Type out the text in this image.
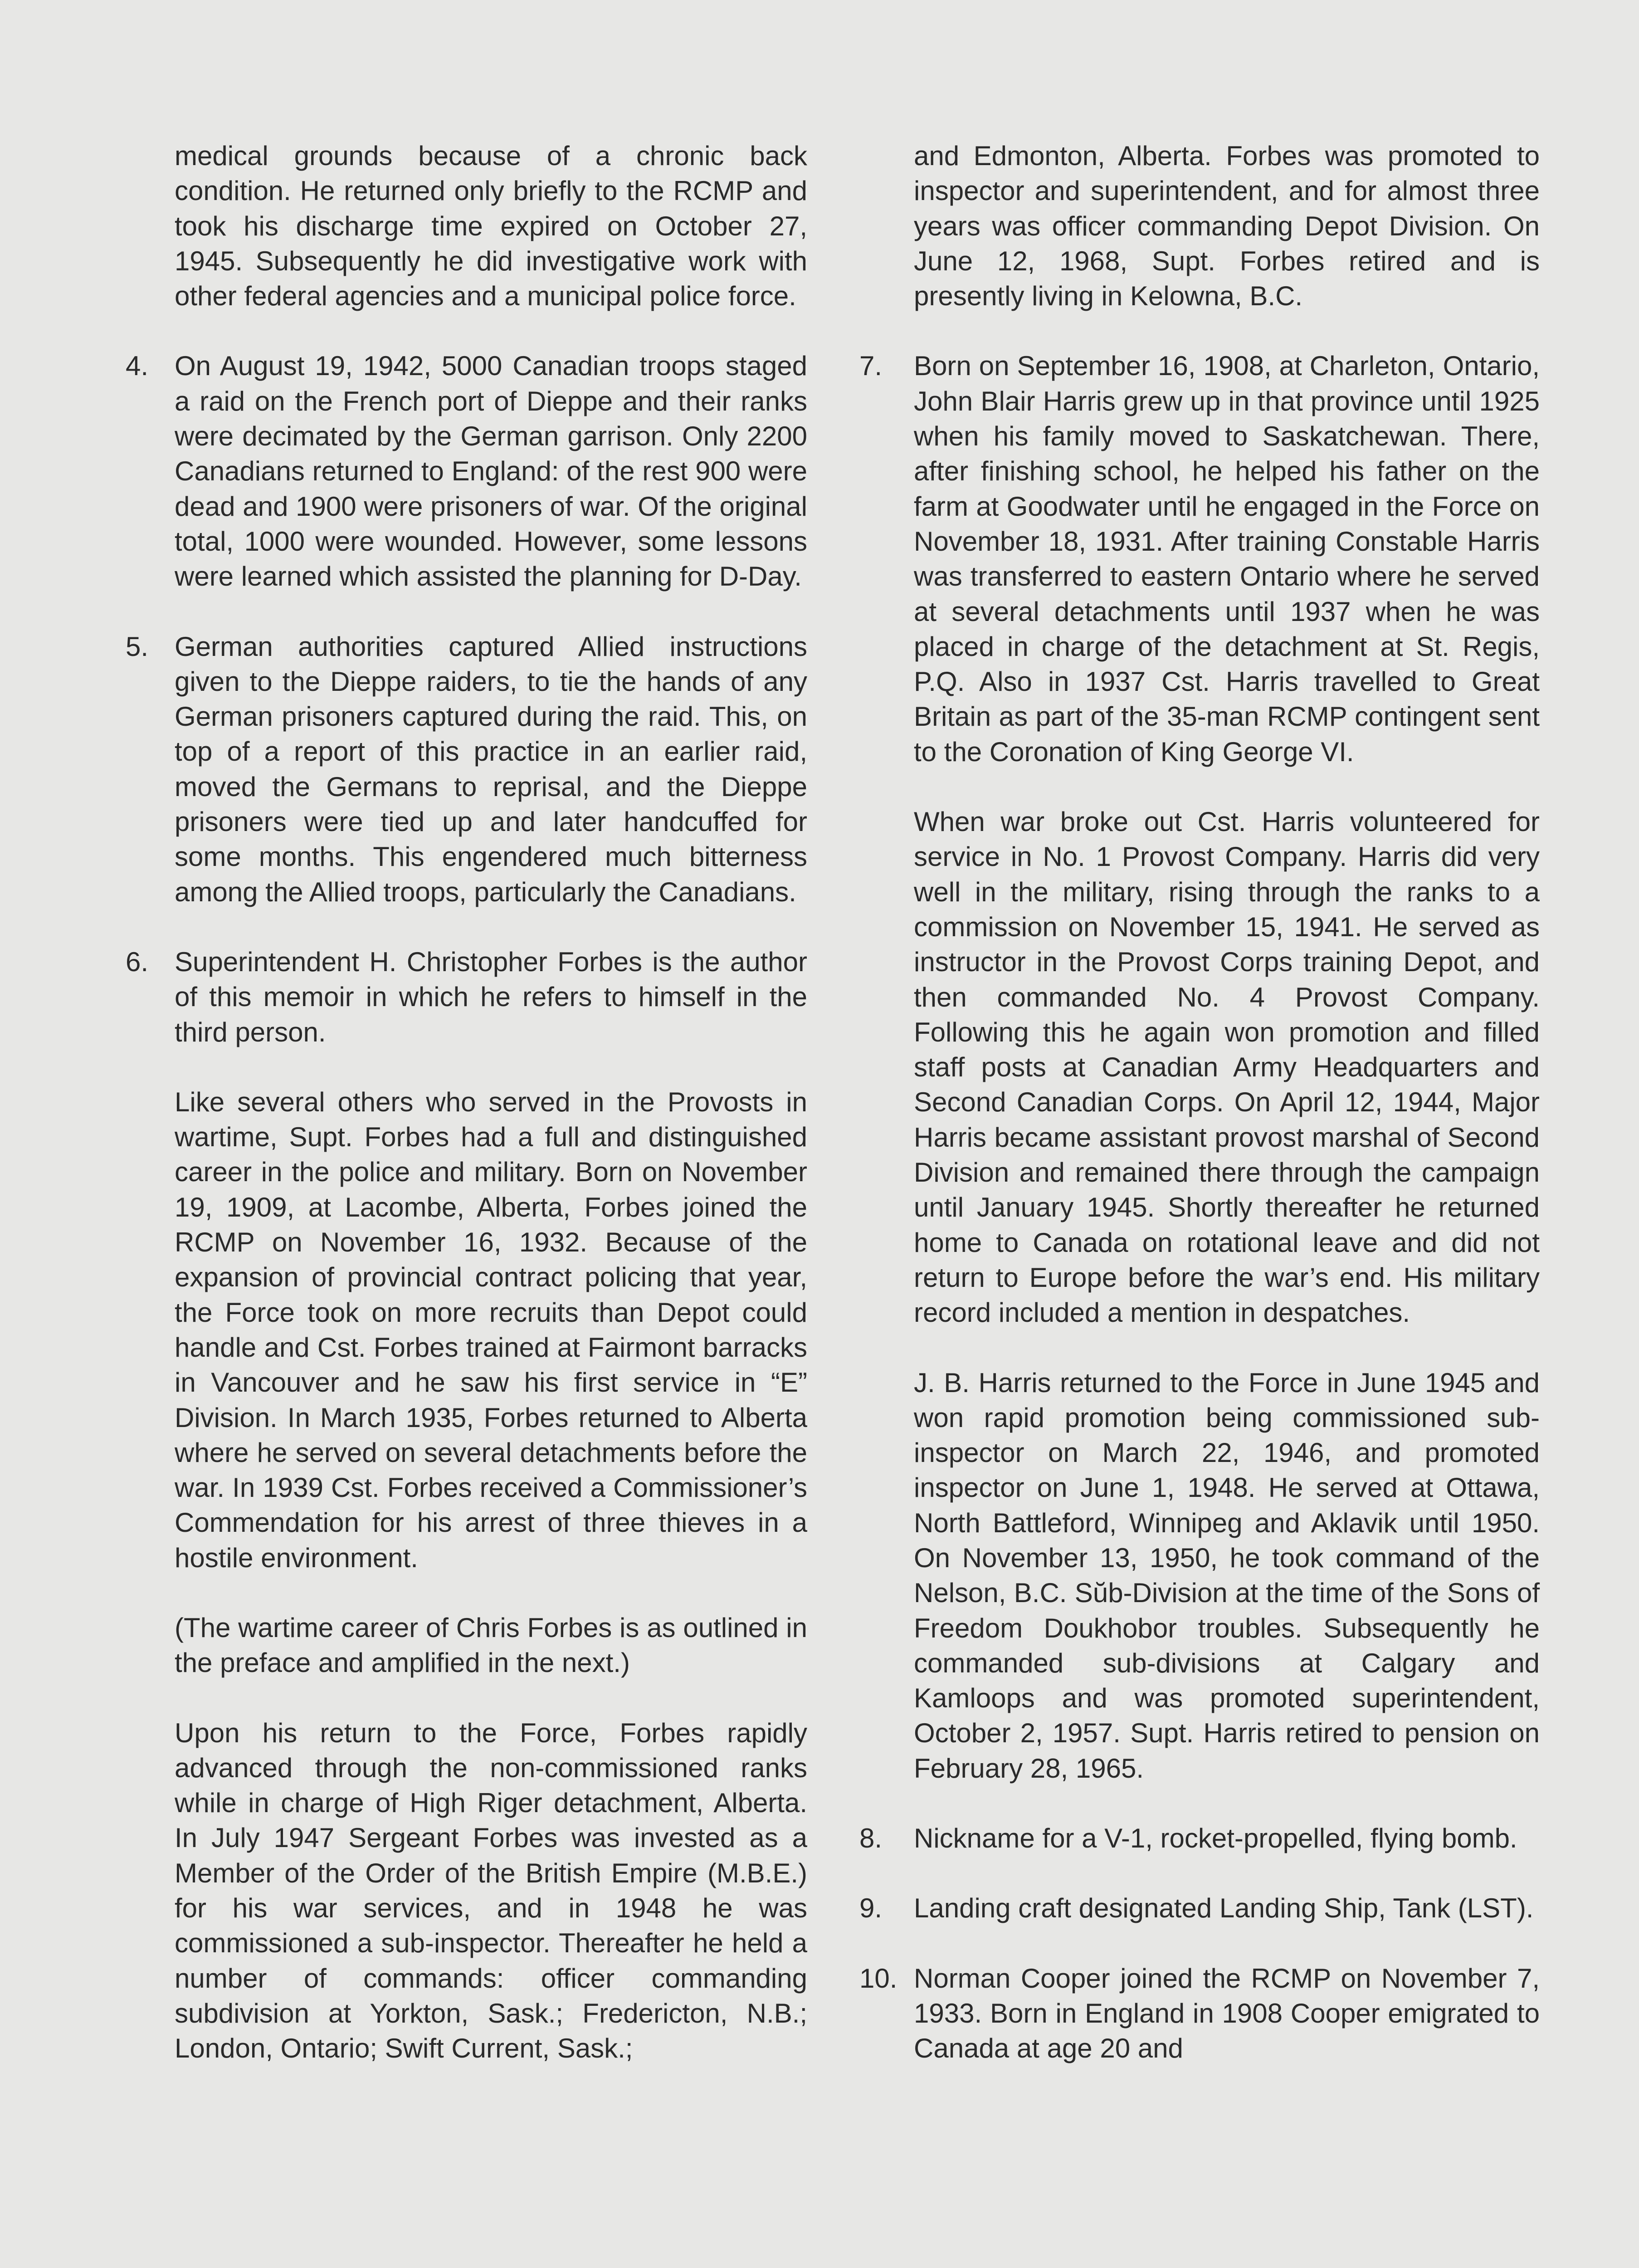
medical grounds because of a chronic back condition. He returned only briefly to the RCMP and took his discharge time expired on October 27, 1945. Subsequently he did investigative work with other federal agencies and a municipal police force.

4. On August 19, 1942, 5000 Canadian troops staged a raid on the French port of Dieppe and their ranks were decimated by the German garrison. Only 2200 Canadians returned to England: of the rest 900 were dead and 1900 were prisoners of war. Of the original total, 1000 were wounded. However, some lessons were learned which assisted the planning for D-Day.

5. German authorities captured Allied instructions given to the Dieppe raiders, to tie the hands of any German prisoners captured during the raid. This, on top of a report of this practice in an earlier raid, moved the Germans to reprisal, and the Dieppe prisoners were tied up and later handcuffed for some months. This engendered much bitterness among the Allied troops, particularly the Canadians.

6. Superintendent H. Christopher Forbes is the author of this memoir in which he refers to himself in the third person.

Like several others who served in the Provosts in wartime, Supt. Forbes had a full and distinguished career in the police and military. Born on November 19, 1909, at Lacombe, Alberta, Forbes joined the RCMP on November 16, 1932. Because of the expansion of provincial contract policing that year, the Force took on more recruits than Depot could handle and Cst. Forbes trained at Fairmont barracks in Vancouver and he saw his first service in “E” Division. In March 1935, Forbes returned to Alberta where he served on several detachments before the war. In 1939 Cst. Forbes received a Commissioner’s Commendation for his arrest of three thieves in a hostile environment.

(The wartime career of Chris Forbes is as outlined in the preface and amplified in the next.)

Upon his return to the Force, Forbes rapidly advanced through the non-commissioned ranks while in charge of High Riger detachment, Alberta. In July 1947 Sergeant Forbes was invested as a Member of the Order of the British Empire (M.B.E.) for his war services, and in 1948 he was commissioned a sub-inspector. Thereafter he held a number of commands: officer commanding subdivision at Yorkton, Sask.; Fredericton, N.B.; London, Ontario; Swift Current, Sask.;

and Edmonton, Alberta. Forbes was promoted to inspector and superintendent, and for almost three years was officer commanding Depot Division. On June 12, 1968, Supt. Forbes retired and is presently living in Kelowna, B.C.

7. Born on September 16, 1908, at Charleton, Ontario, John Blair Harris grew up in that province until 1925 when his family moved to Saskatchewan. There, after finishing school, he helped his father on the farm at Goodwater until he engaged in the Force on November 18, 1931. After training Constable Harris was transferred to eastern Ontario where he served at several detachments until 1937 when he was placed in charge of the detachment at St. Regis, P.Q. Also in 1937 Cst. Harris travelled to Great Britain as part of the 35-man RCMP contingent sent to the Coronation of King George VI.

When war broke out Cst. Harris volunteered for service in No. 1 Provost Company. Harris did very well in the military, rising through the ranks to a commission on November 15, 1941. He served as instructor in the Provost Corps training Depot, and then commanded No. 4 Provost Company. Following this he again won promotion and filled staff posts at Canadian Army Headquarters and Second Canadian Corps. On April 12, 1944, Major Harris became assistant provost marshal of Second Division and remained there through the campaign until January 1945. Shortly thereafter he returned home to Canada on rotational leave and did not return to Europe before the war’s end. His military record included a mention in despatches.

J. B. Harris returned to the Force in June 1945 and won rapid promotion being commissioned sub-inspector on March 22, 1946, and promoted inspector on June 1, 1948. He served at Ottawa, North Battleford, Winnipeg and Aklavik until 1950. On November 13, 1950, he took command of the Nelson, B.C. Sŭb-Division at the time of the Sons of Freedom Doukhobor troubles. Subsequently he commanded sub-divisions at Calgary and Kamloops and was promoted superintendent, October 2, 1957. Supt. Harris retired to pension on February 28, 1965.

8. Nickname for a V-1, rocket-propelled, flying bomb.

9. Landing craft designated Landing Ship, Tank (LST).

10. Norman Cooper joined the RCMP on November 7, 1933. Born in England in 1908 Cooper emigrated to Canada at age 20 and
